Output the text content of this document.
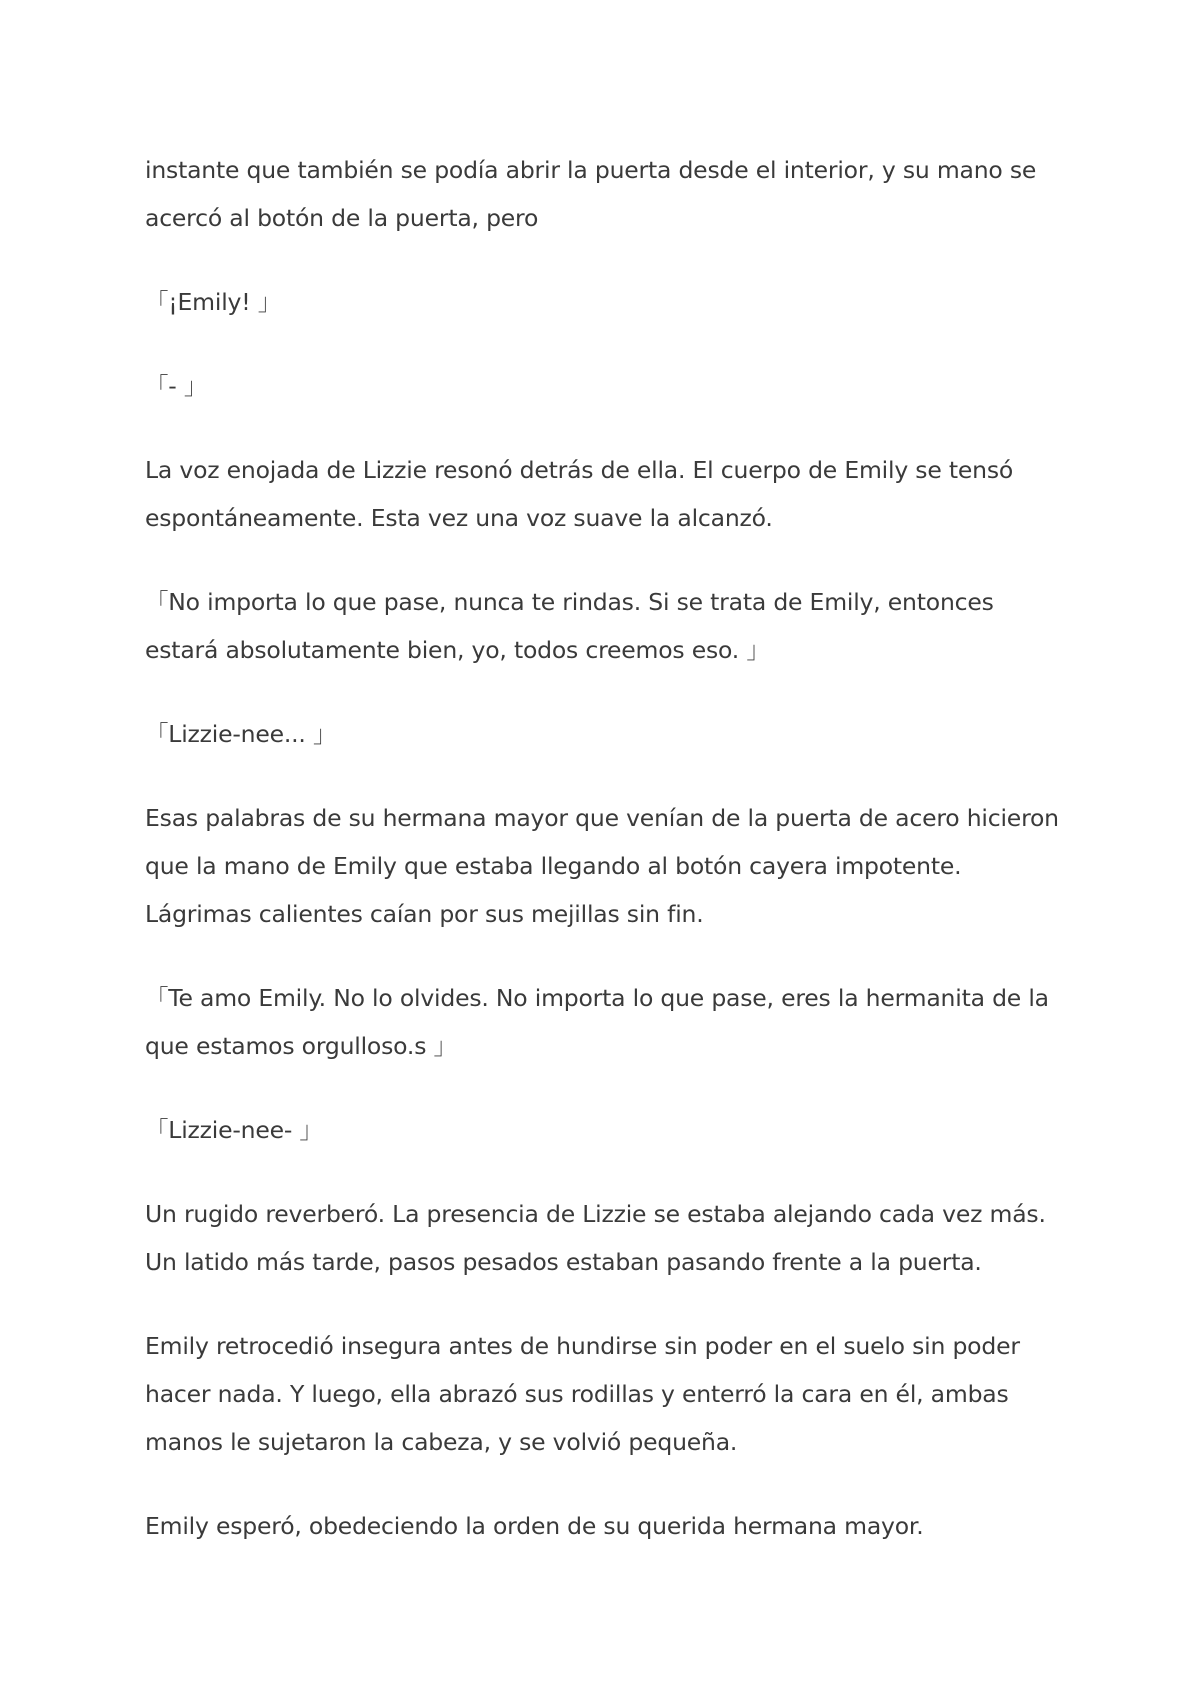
instante que también se podía abrir la puerta desde el interior, y su mano se acercó al botón de la puerta, pero

「¡Emily! 」

「- 」

La voz enojada de Lizzie resonó detrás de ella. El cuerpo de Emily se tensó espontáneamente. Esta vez una voz suave la alcanzó.

「No importa lo que pase, nunca te rindas. Si se trata de Emily, entonces estará absolutamente bien, yo, todos creemos eso. 」

「Lizzie-nee... 」

Esas palabras de su hermana mayor que venían de la puerta de acero hicieron que la mano de Emily que estaba llegando al botón cayera impotente. Lágrimas calientes caían por sus mejillas sin fin.

「Te amo Emily. No lo olvides. No importa lo que pase, eres la hermanita de la que estamos orgulloso.s 」

「Lizzie-nee- 」

Un rugido reverberó. La presencia de Lizzie se estaba alejando cada vez más. Un latido más tarde, pasos pesados estaban pasando frente a la puerta.

Emily retrocedió insegura antes de hundirse sin poder en el suelo sin poder hacer nada. Y luego, ella abrazó sus rodillas y enterró la cara en él, ambas manos le sujetaron la cabeza, y se volvió pequeña.

Emily esperó, obedeciendo la orden de su querida hermana mayor.
